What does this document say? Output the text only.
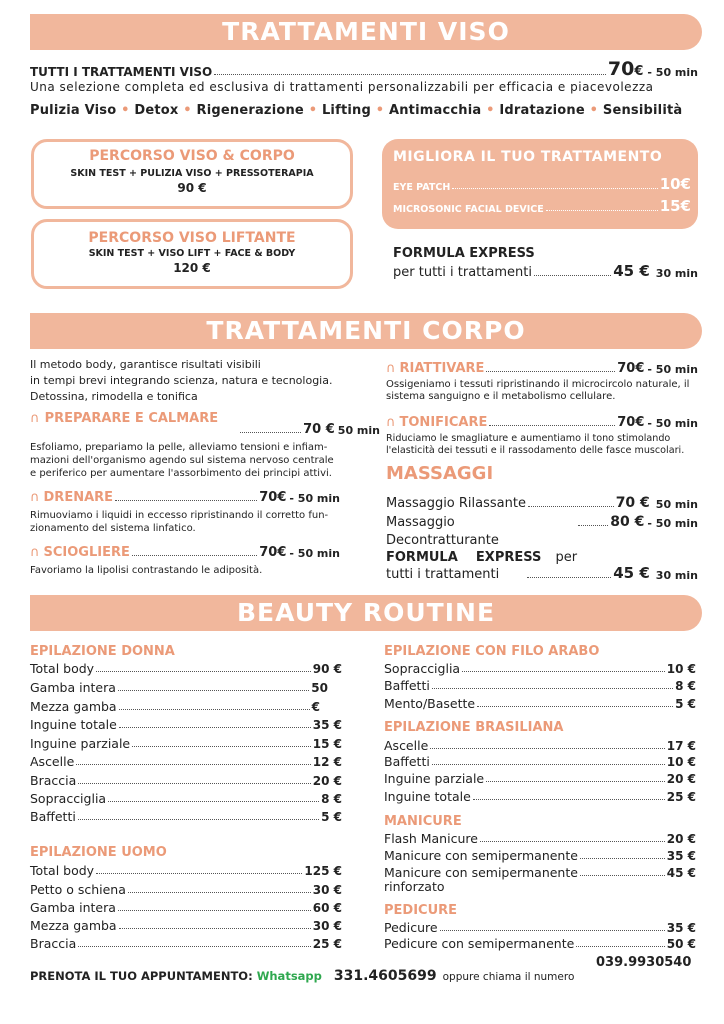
TRATTAMENTI VISO
TUTTI I TRATTAMENTI VISO	70 € - 50 min
Una selezione completa ed esclusiva di trattamenti personalizzabili per efficacia e piacevolezza
Pulizia Viso • Detox • Rigenerazione • Lifting • Antimacchia • Idratazione • Sensibilità
PERCORSO VISO & CORPO
SKIN TEST + PULIZIA VISO + PRESSOTERAPIA
90 €
PERCORSO VISO LIFTANTE
SKIN TEST + VISO LIFT + FACE & BODY
120 €
MIGLIORA IL TUO TRATTAMENTO
EYE PATCH	10€
MICROSONIC FACIAL DEVICE	15€
FORMULA EXPRESS
per tutti i trattamenti	45 € 30 min
TRATTAMENTI CORPO
Il metodo body, garantisce risultati visibili
in tempi brevi integrando scienza, natura e tecnologia.
Detossina, rimodella e tonifica
∩ PREPARARE E CALMARE
70 € 50 min
Esfoliamo, prepariamo la pelle, alleviamo tensioni e infiam-
mazioni dell'organismo agendo sul sistema nervoso centrale
e periferico per aumentare l'assorbimento dei principi attivi.
∩ DRENARE	70€ - 50 min
Rimuoviamo i liquidi in eccesso ripristinando il corretto fun-
zionamento del sistema linfatico.
∩ SCIOGLIERE	70€ - 50 min
Favoriamo la lipolisi contrastando le adiposità.
∩ RIATTIVARE	70€ - 50 min
Ossigeniamo i tessuti ripristinando il microcircolo naturale, il
sistema sanguigno e il metabolismo cellulare.
∩ TONIFICARE	70€ - 50 min
Riduciamo le smagliature e aumentiamo il tono stimolando
l'elasticità dei tessuti e il rassodamento delle fasce muscolari.
MASSAGGI
Massaggio Rilassante	70 € 50 min
Massaggio	80 € - 50 min
Decontratturante
FORMULA EXPRESS per
tutti i trattamenti	45 € 30 min
BEAUTY ROUTINE
EPILAZIONE DONNA
Total body	90 €
Gamba intera	50
Mezza gamba	€
Inguine totale	35 €
Inguine parziale	15 €
Ascelle	12 €
Braccia	20 €
Sopracciglia	8 €
Baffetti	5 €
EPILAZIONE UOMO
Total body	125 €
Petto o schiena	30 €
Gamba intera	60 €
Mezza gamba	30 €
Braccia	25 €
EPILAZIONE CON FILO ARABO
Sopracciglia	10 €
Baffetti	8 €
Mento/Basette	5 €
EPILAZIONE BRASILIANA
Ascelle	17 €
Baffetti	10 €
Inguine parziale	20 €
Inguine totale	25 €
MANICURE
Flash Manicure	20 €
Manicure con semipermanente	35 €
Manicure con semipermanente	45 €
rinforzato
PEDICURE
Pedicure	35 €
Pedicure con semipermanente	50 €
039.9930540
PRENOTA IL TUO APPUNTAMENTO: Whatsapp 331.4605699 oppure chiama il numero
